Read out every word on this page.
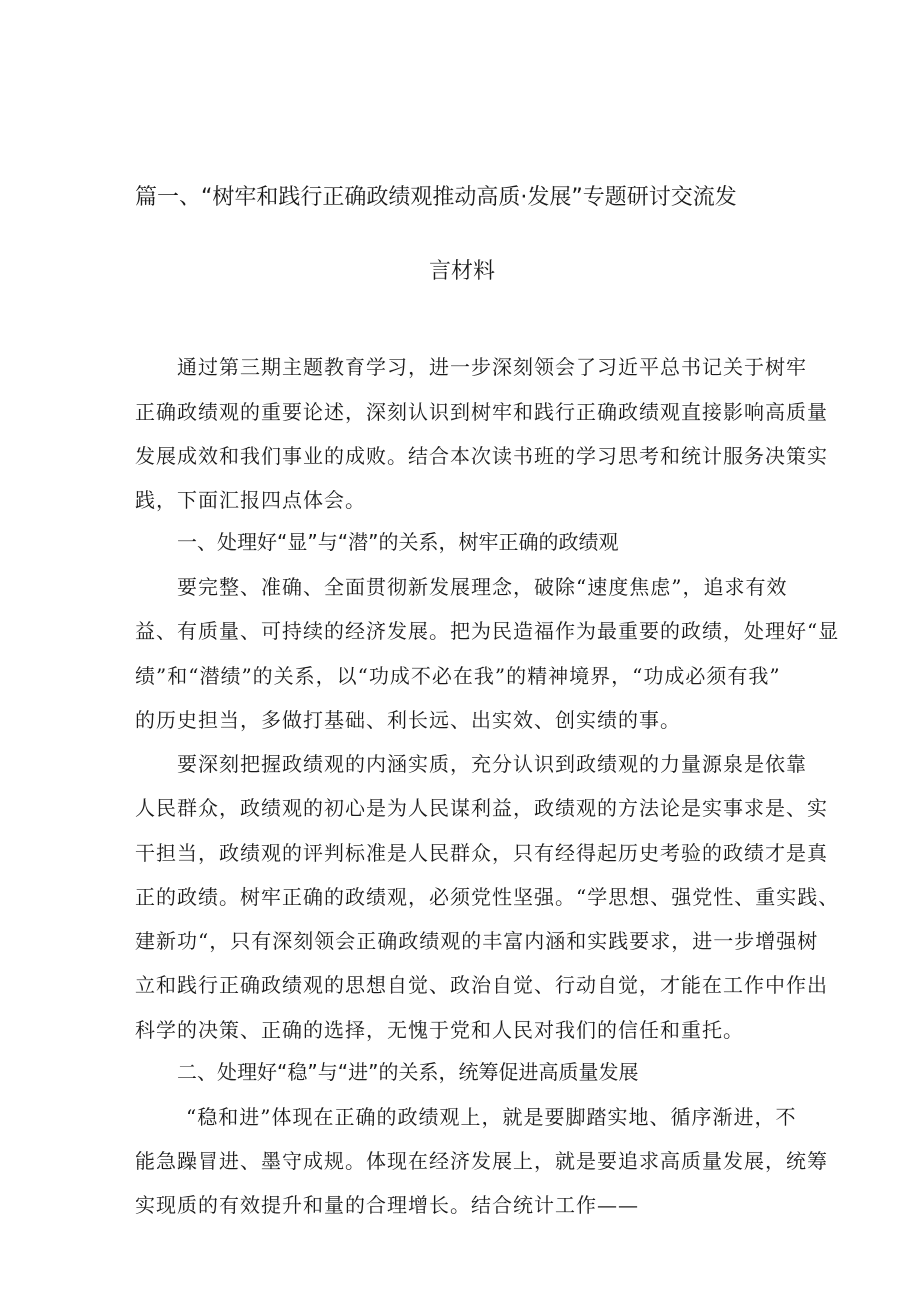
篇一、“树牢和践行正确政绩观推动高质·发展”专题研讨交流发
言材料
通过第三期主题教育学习，进一步深刻领会了习近平总书记关于树牢
正确政绩观的重要论述，深刻认识到树牢和践行正确政绩观直接影响高质量
发展成效和我们事业的成败。结合本次读书班的学习思考和统计服务决策实
践，下面汇报四点体会。
一、处理好“显”与“潜”的关系，树牢正确的政绩观
要完整、准确、全面贯彻新发展理念，破除“速度焦虑”，追求有效
益、有质量、可持续的经济发展。把为民造福作为最重要的政绩，处理好“显
绩”和“潜绩”的关系，以“功成不必在我”的精神境界，“功成必须有我”
的历史担当，多做打基础、利长远、出实效、创实绩的事。
要深刻把握政绩观的内涵实质，充分认识到政绩观的力量源泉是依靠
人民群众，政绩观的初心是为人民谋利益，政绩观的方法论是实事求是、实
干担当，政绩观的评判标准是人民群众，只有经得起历史考验的政绩才是真
正的政绩。树牢正确的政绩观，必须党性坚强。“学思想、强党性、重实践、
建新功“，只有深刻领会正确政绩观的丰富内涵和实践要求，进一步增强树
立和践行正确政绩观的思想自觉、政治自觉、行动自觉，才能在工作中作出
科学的决策、正确的选择，无愧于党和人民对我们的信任和重托。
二、处理好“稳”与“进”的关系，统筹促进高质量发展
“稳和进”体现在正确的政绩观上，就是要脚踏实地、循序渐进，不
能急躁冒进、墨守成规。体现在经济发展上，就是要追求高质量发展，统筹
实现质的有效提升和量的合理增长。结合统计工作——
